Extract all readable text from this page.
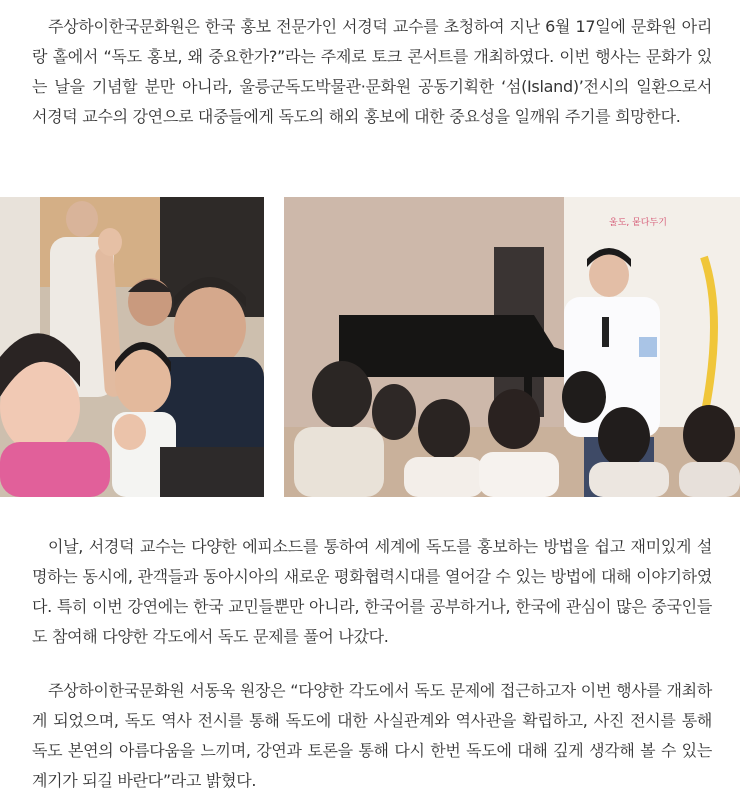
주상하이한국문화원은 한국 홍보 전문가인 서경덕 교수를 초청하여 지난 6월 17일에 문화원 아리랑 홀에서 “독도 홍보, 왜 중요한가?”라는 주제로 토크 콘서트를 개최하였다. 이번 행사는 문화가 있는 날을 기념할 분만 아니라, 울릉군독도박물관·문화원 공동기획한 ‘섬(Island)’전시의 일환으로서 서경덕 교수의 강연으로 대중들에게 독도의 해외 홍보에 대한 중요성을 일깨워 주기를 희망한다.

울도, 뭍다두기

이날, 서경덕 교수는 다양한 에피소드를 통하여 세계에 독도를 홍보하는 방법을 쉽고 재미있게 설명하는 동시에, 관객들과 동아시아의 새로운 평화협력시대를 열어갈 수 있는 방법에 대해 이야기하였다. 특히 이번 강연에는 한국 교민들뿐만 아니라, 한국어를 공부하거나, 한국에 관심이 많은 중국인들도 참여해 다양한 각도에서 독도 문제를 풀어 나갔다.

주상하이한국문화원 서동욱 원장은 “다양한 각도에서 독도 문제에 접근하고자 이번 행사를 개최하게 되었으며, 독도 역사 전시를 통해 독도에 대한 사실관계와 역사관을 확립하고, 사진 전시를 통해 독도 본연의 아름다움을 느끼며, 강연과 토론을 통해 다시 한번 독도에 대해 깊게 생각해 볼 수 있는 계기가 되길 바란다”라고 밝혔다.
